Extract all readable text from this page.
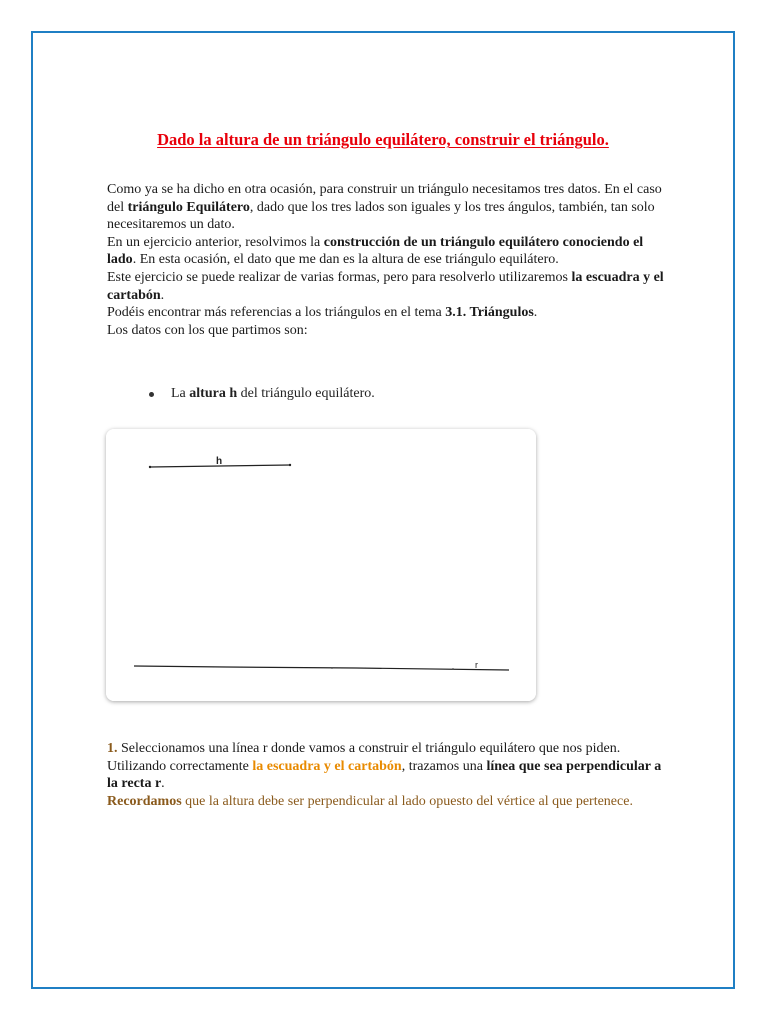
Dado la altura de un triángulo equilátero, construir el triángulo.

Como ya se ha dicho en otra ocasión, para construir un triángulo necesitamos tres datos. En el caso del triángulo Equilátero, dado que los tres lados son iguales y los tres ángulos, también, tan solo necesitaremos un dato.

En un ejercicio anterior, resolvimos la construcción de un triángulo equilátero conociendo el lado. En esta ocasión, el dato que me dan es la altura de ese triángulo equilátero.

Este ejercicio se puede realizar de varias formas, pero para resolverlo utilizaremos la escuadra y el cartabón.

Podéis encontrar más referencias a los triángulos en el tema 3.1. Triángulos.

Los datos con los que partimos son:

La altura h del triángulo equilátero.
h
r

1. Seleccionamos una línea r donde vamos a construir el triángulo equilátero que nos piden. Utilizando correctamente la escuadra y el cartabón, trazamos una línea que sea perpendicular a la recta r.

Recordamos que la altura debe ser perpendicular al lado opuesto del vértice al que pertenece.
